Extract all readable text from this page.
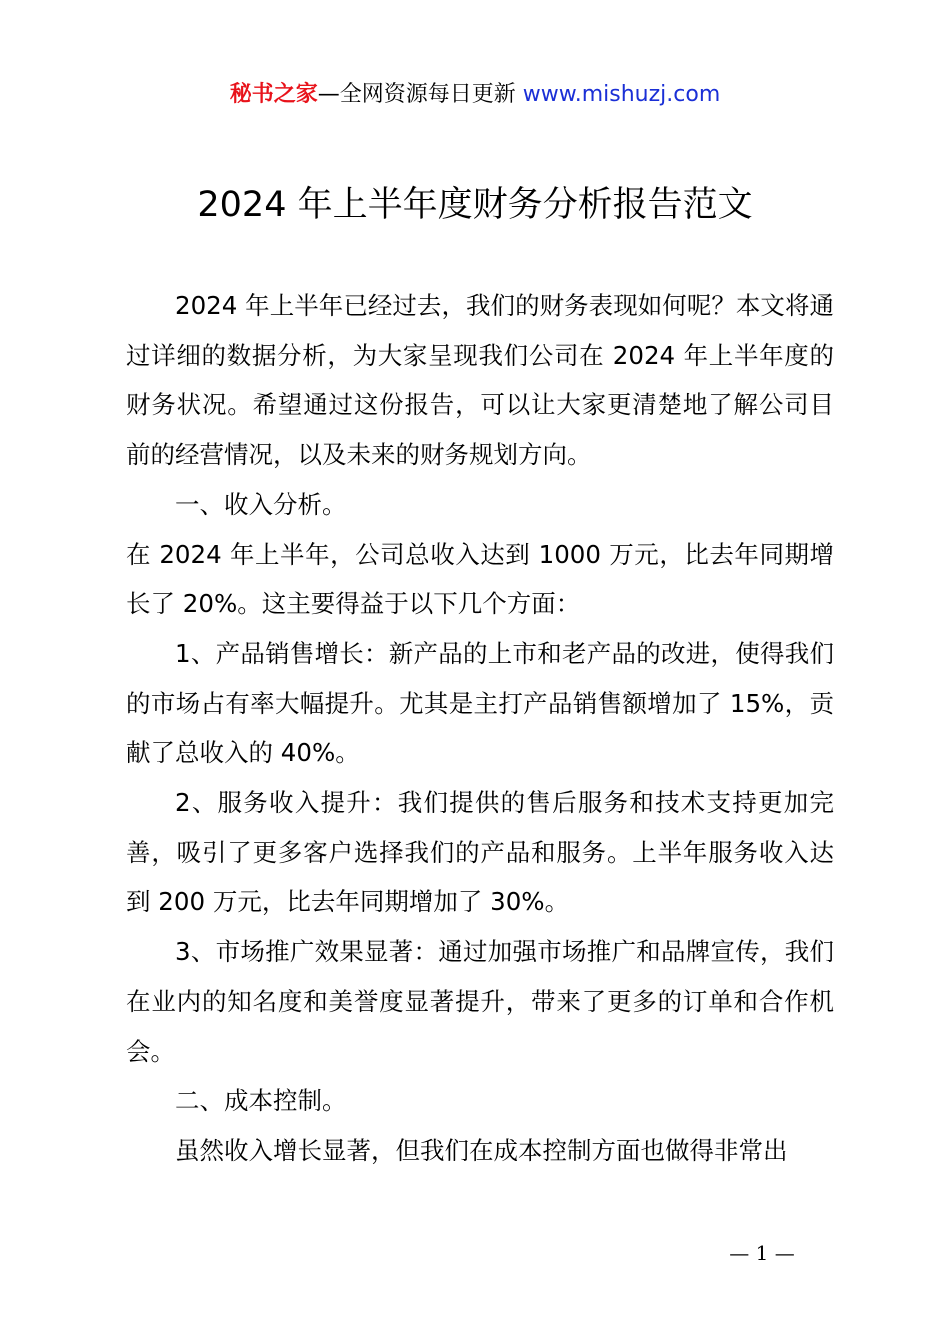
秘书之家—全网资源每日更新 www.mishuzj.com
2024 年上半年度财务分析报告范文

2024 年上半年已经过去，我们的财务表现如何呢？本文将通过详细的数据分析，为大家呈现我们公司在 2024 年上半年度的财务状况。希望通过这份报告，可以让大家更清楚地了解公司目前的经营情况，以及未来的财务规划方向。

一、收入分析。

在 2024 年上半年，公司总收入达到 1000 万元，比去年同期增长了 20%。这主要得益于以下几个方面：

1、产品销售增长：新产品的上市和老产品的改进，使得我们的市场占有率大幅提升。尤其是主打产品销售额增加了 15%，贡献了总收入的 40%。

2、服务收入提升：我们提供的售后服务和技术支持更加完善，吸引了更多客户选择我们的产品和服务。上半年服务收入达到 200 万元，比去年同期增加了 30%。

3、市场推广效果显著：通过加强市场推广和品牌宣传，我们在业内的知名度和美誉度显著提升，带来了更多的订单和合作机会。

二、成本控制。

虽然收入增长显著，但我们在成本控制方面也做得非常出

— 1 —
